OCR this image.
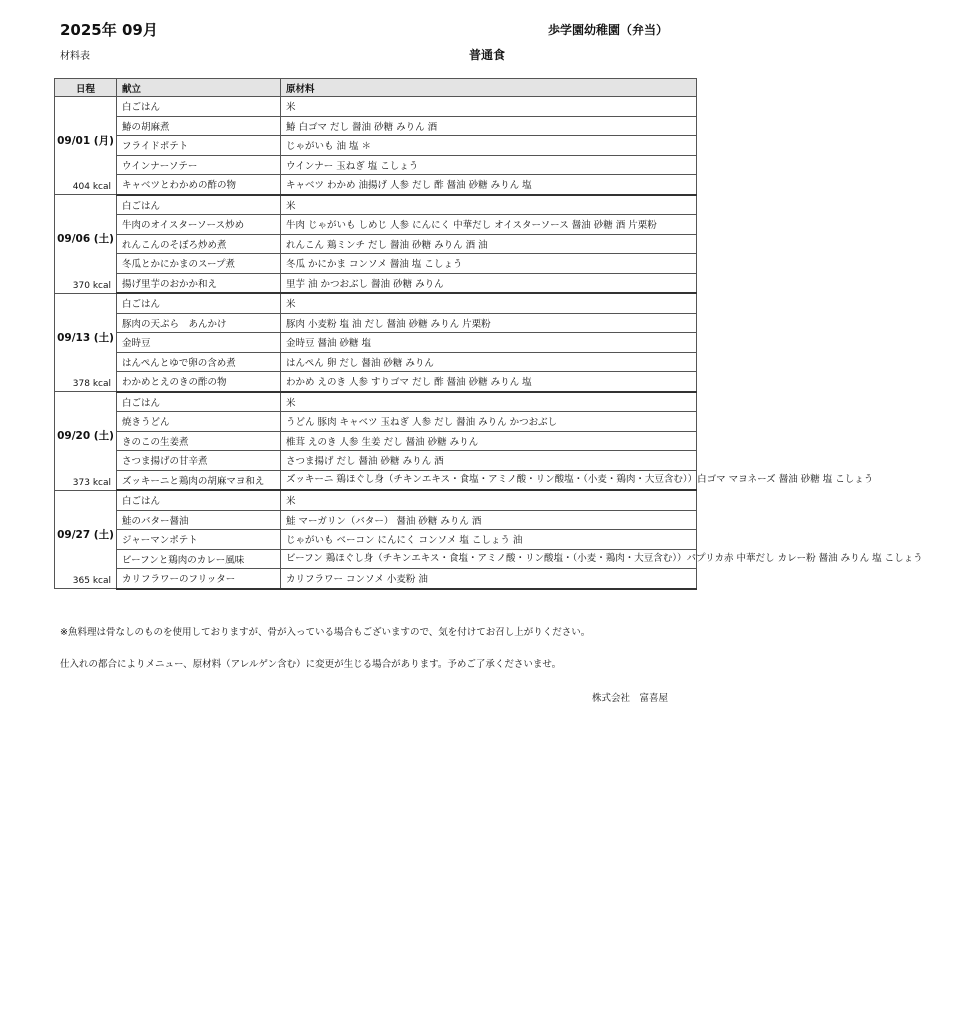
2025年 09月	歩学園幼稚園（弁当）
材料表	普通食
日程	献立	原材料

09/01 (月)
404 kcal	白ごはん	米
	鰆の胡麻煮	鰆 白ゴマ だし 醤油 砂糖 みりん 酒
	フライドポテト	じゃがいも 油 塩 ＊
	ウインナーソテー	ウインナー 玉ねぎ 塩 こしょう
	キャベツとわかめの酢の物	キャベツ わかめ 油揚げ 人参 だし 酢 醤油 砂糖 みりん 塩

09/06 (土)
370 kcal	白ごはん	米
	牛肉のオイスターソース炒め	牛肉 じゃがいも しめじ 人参 にんにく 中華だし オイスターソース 醤油 砂糖 酒 片栗粉
	れんこんのそぼろ炒め煮	れんこん 鶏ミンチ だし 醤油 砂糖 みりん 酒 油
	冬瓜とかにかまのスープ煮	冬瓜 かにかま コンソメ 醤油 塩 こしょう
	揚げ里芋のおかか和え	里芋 油 かつおぶし 醤油 砂糖 みりん

09/13 (土)
378 kcal	白ごはん	米
	豚肉の天ぷら　あんかけ	豚肉 小麦粉 塩 油 だし 醤油 砂糖 みりん 片栗粉
	金時豆	金時豆 醤油 砂糖 塩
	はんぺんとゆで卵の含め煮	はんぺん 卵 だし 醤油 砂糖 みりん
	わかめとえのきの酢の物	わかめ えのき 人参 すりゴマ だし 酢 醤油 砂糖 みりん 塩

09/20 (土)
373 kcal	白ごはん	米
	焼きうどん	うどん 豚肉 キャベツ 玉ねぎ 人参 だし 醤油 みりん かつおぶし
	きのこの生姜煮	椎茸 えのき 人参 生姜 だし 醤油 砂糖 みりん
	さつま揚げの甘辛煮	さつま揚げ だし 醤油 砂糖 みりん 酒
	ズッキーニと鶏肉の胡麻マヨ和え	ズッキーニ 鶏ほぐし身（チキンエキス・食塩・アミノ酸・リン酸塩・（小麦・鶏肉・大豆含む））白ゴマ マヨネーズ 醤油 砂糖 塩 こしょう

09/27 (土)
365 kcal	白ごはん	米
	鮭のバター醤油	鮭 マーガリン（バター） 醤油 砂糖 みりん 酒
	ジャーマンポテト	じゃがいも ベーコン にんにく コンソメ 塩 こしょう 油
	ビーフンと鶏肉のカレー風味	ビーフン 鶏ほぐし身（チキンエキス・食塩・アミノ酸・リン酸塩・（小麦・鶏肉・大豆含む））パプリカ赤 中華だし カレー粉 醤油 みりん 塩 こしょう
	カリフラワーのフリッター	カリフラワー コンソメ 小麦粉 油
※魚料理は骨なしのものを使用しておりますが、骨が入っている場合もございますので、気を付けてお召し上がりください。
仕入れの都合によりメニュー、原材料（アレルゲン含む）に変更が生じる場合があります。予めご了承くださいませ。
株式会社　富喜屋
